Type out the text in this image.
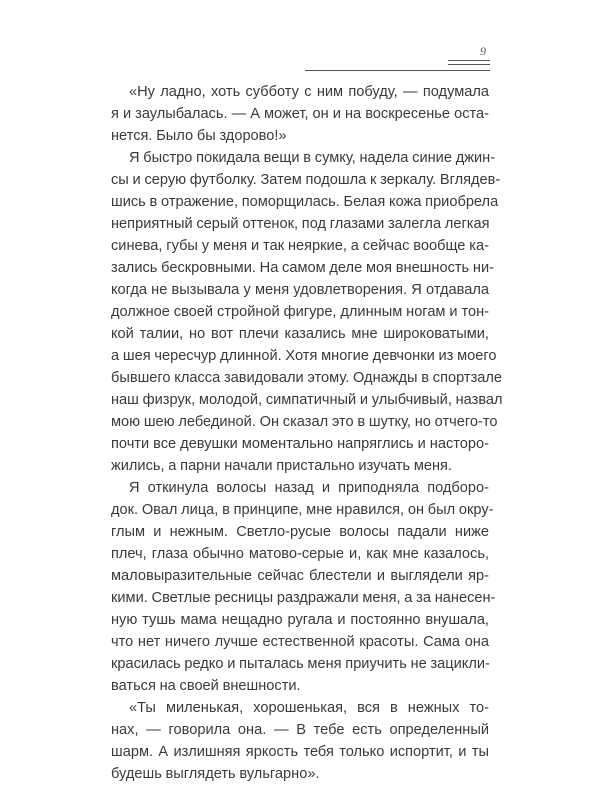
9
«Ну ладно, хоть субботу с ним побуду, — подумала
я и заулыбалась. — А может, он и на воскресенье оста-
нется. Было бы здорово!»
Я быстро покидала вещи в сумку, надела синие джин-
сы и серую футболку. Затем подошла к зеркалу. Вглядев-
шись в отражение, поморщилась. Белая кожа приобрела
неприятный серый оттенок, под глазами залегла легкая
синева, губы у меня и так неяркие, а сейчас вообще ка-
зались бескровными. На самом деле моя внешность ни-
когда не вызывала у меня удовлетворения. Я отдавала
должное своей стройной фигуре, длинным ногам и тон-
кой талии, но вот плечи казались мне широковатыми,
а шея чересчур длинной. Хотя многие девчонки из моего
бывшего класса завидовали этому. Однажды в спортзале
наш физрук, молодой, симпатичный и улыбчивый, назвал
мою шею лебединой. Он сказал это в шутку, но отчего-то
почти все девушки моментально напряглись и насторо-
жились, а парни начали пристально изучать меня.
Я откинула волосы назад и приподняла подборо-
док. Овал лица, в принципе, мне нравился, он был окру-
глым и нежным. Светло-русые волосы падали ниже
плеч, глаза обычно матово-серые и, как мне казалось,
маловыразительные сейчас блестели и выглядели яр-
кими. Светлые ресницы раздражали меня, а за нанесен-
ную тушь мама нещадно ругала и постоянно внушала,
что нет ничего лучше естественной красоты. Сама она
красилась редко и пыталась меня приучить не зацикли-
ваться на своей внешности.
«Ты миленькая, хорошенькая, вся в нежных то-
нах, — говорила она. — В тебе есть определенный
шарм. А излишняя яркость тебя только испортит, и ты
будешь выглядеть вульгарно».
